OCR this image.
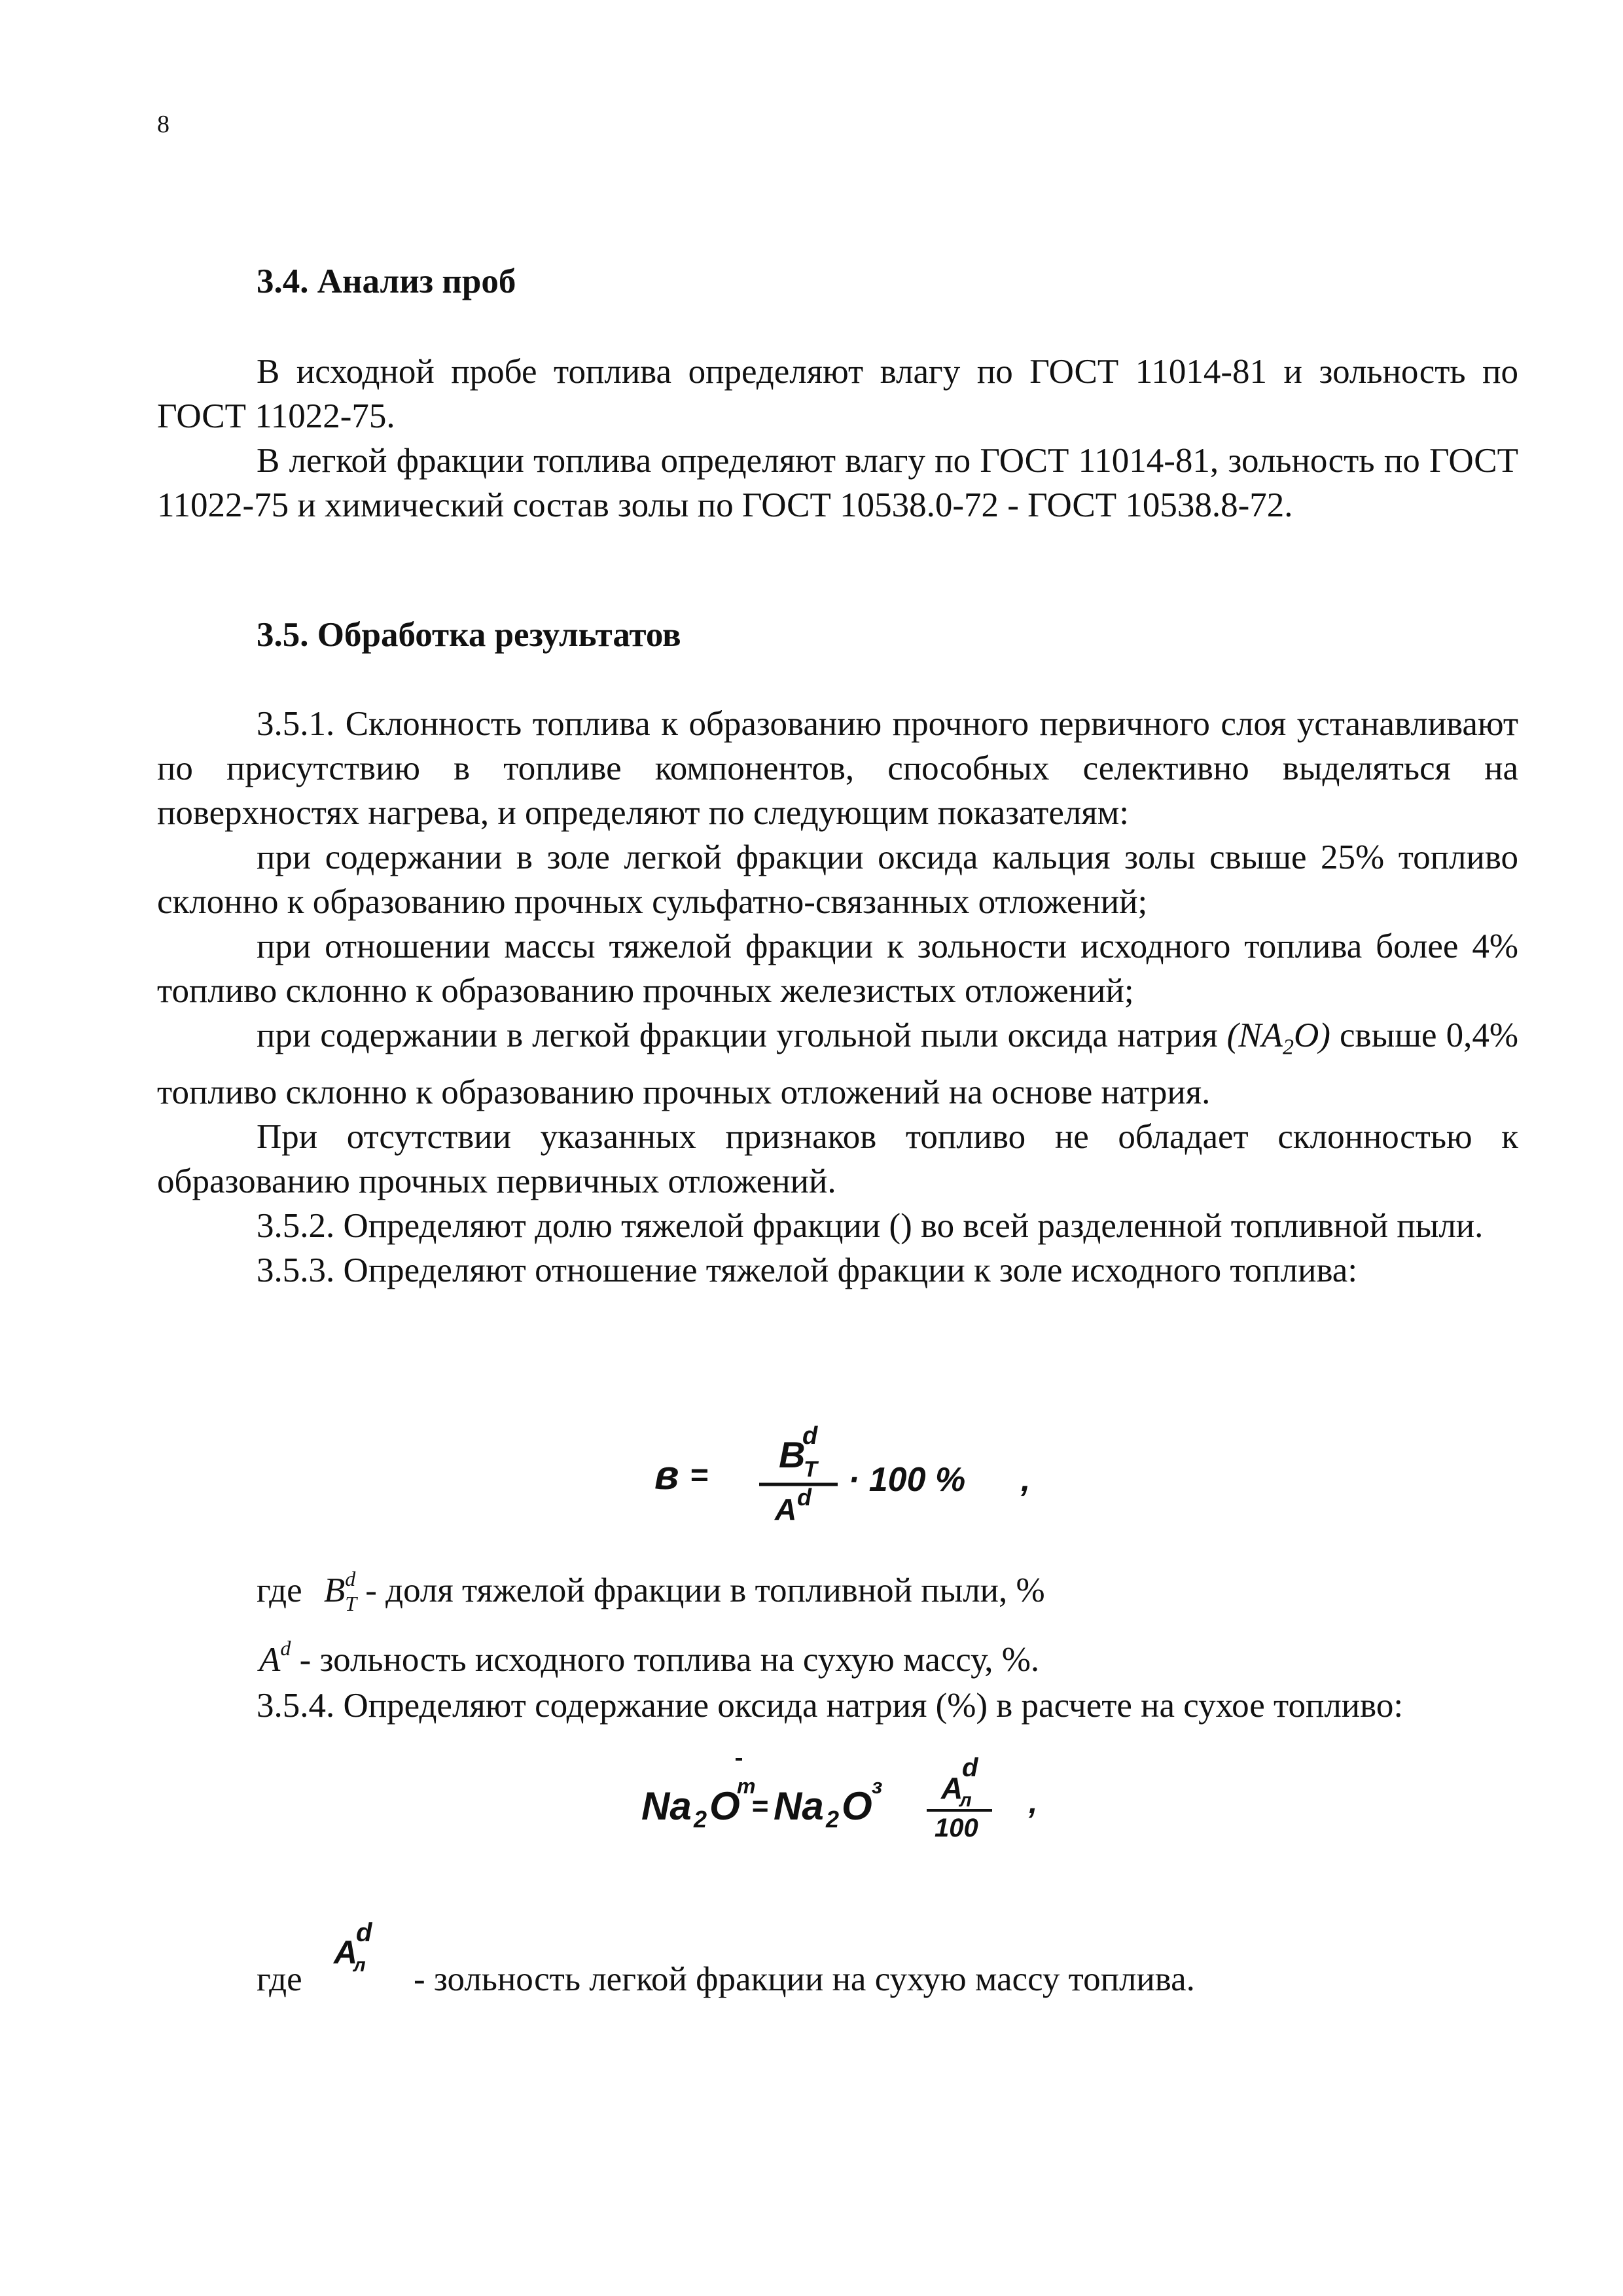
8
3.4. Анализ проб

В исходной пробе топлива определяют влагу по ГОСТ 11014-81 и зольность по ГОСТ 11022-75.

В легкой фракции топлива определяют влагу по ГОСТ 11014-81, зольность по ГОСТ 11022-75 и химический состав золы по ГОСТ 10538.0-72 - ГОСТ 10538.8-72.

3.5. Обработка результатов

3.5.1. Склонность топлива к образованию прочного первичного слоя устанавливают по присутствию в топливе компонентов, способных селективно выделяться на поверхностях нагрева, и определяют по следующим показателям:

при содержании в золе легкой фракции оксида кальция золы свыше 25% топливо склонно к образованию прочных сульфатно-связанных отложений;

при отношении массы тяжелой фракции к зольности исходного топлива более 4% топливо склонно к образованию прочных железистых отложений;

при содержании в легкой фракции угольной пыли оксида натрия $(NA_2O)$ свыше 0,4% топливо склонно к образованию прочных отложений на основе натрия.

При отсутствии указанных признаков топливо не обладает склонностью к образованию прочных первичных отложений.

3.5.2. Определяют долю тяжелой фракции () во всей разделенной топливной пыли.

3.5.3. Определяют отношение тяжелой фракции к золе исходного топлива:

в =
В
d
Т
А d · 100 % ,
где $B^d_T$ - доля тяжелой фракции в топливной пыли, %
$A^d$ - зольность исходного топлива на сухую массу, %.

3.5.4. Определяют содержание оксида натрия (%) в расчете на сухое топливо:

Na 2 O
т
= Na 2 O з А
л
d
100
,
где
А
л
d
- зольность легкой фракции на сухую массу топлива.
